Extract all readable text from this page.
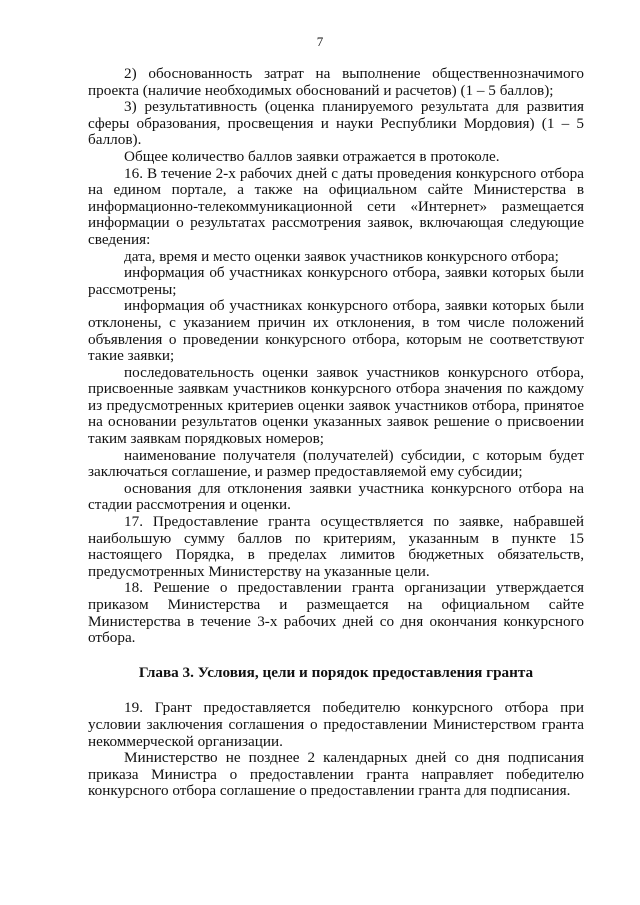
7

2) обоснованность затрат на выполнение общественнозначимого проекта (наличие необходимых обоснований и расчетов) (1 – 5 баллов);

3) результативность (оценка планируемого результата для развития сферы образования, просвещения и науки Республики Мордовия) (1 – 5 баллов).

Общее количество баллов заявки отражается в протоколе.

16. В течение 2-х рабочих дней с даты проведения конкурсного отбора на едином портале, а также на официальном сайте Министерства в информационно-телекоммуникационной сети «Интернет» размещается информации о результатах рассмотрения заявок, включающая следующие сведения:

дата, время и место оценки заявок участников конкурсного отбора;

информация об участниках конкурсного отбора, заявки которых были рассмотрены;

информация об участниках конкурсного отбора, заявки которых были отклонены, с указанием причин их отклонения, в том числе положений объявления о проведении конкурсного отбора, которым не соответствуют такие заявки;

последовательность оценки заявок участников конкурсного отбора, присвоенные заявкам участников конкурсного отбора значения по каждому из предусмотренных критериев оценки заявок участников отбора, принятое на основании результатов оценки указанных заявок решение о присвоении таким заявкам порядковых номеров;

наименование получателя (получателей) субсидии, с которым будет заключаться соглашение, и размер предоставляемой ему субсидии;

основания для отклонения заявки участника конкурсного отбора на стадии рассмотрения и оценки.

17. Предоставление гранта осуществляется по заявке, набравшей наибольшую сумму баллов по критериям, указанным в пункте 15 настоящего Порядка, в пределах лимитов бюджетных обязательств, предусмотренных Министерству на указанные цели.

18. Решение о предоставлении гранта организации утверждается приказом Министерства и размещается на официальном сайте Министерства в течение 3-х рабочих дней со дня окончания конкурсного отбора.

Глава 3. Условия, цели и порядок предоставления гранта

19. Грант предоставляется победителю конкурсного отбора при условии заключения соглашения о предоставлении Министерством гранта некоммерческой организации.

Министерство не позднее 2 календарных дней со дня подписания приказа Министра о предоставлении гранта направляет победителю конкурсного отбора соглашение о предоставлении гранта для подписания.
